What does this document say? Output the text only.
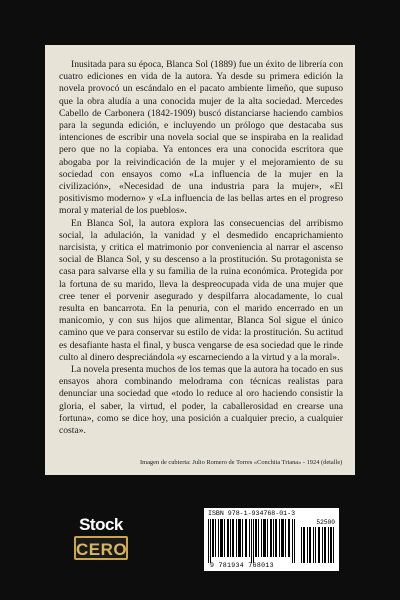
Inusitada para su época, Blanca Sol (1889) fue un éxito de librería con cuatro ediciones en vida de la autora. Ya desde su primera edición la novela provocó un escándalo en el pacato ambiente limeño, que supuso que la obra aludía a una conocida mujer de la alta sociedad. Mercedes Cabello de Carbonera (1842-1909) buscó distanciarse haciendo cambios para la segunda edición, e incluyendo un prólogo que destacaba sus intenciones de escribir una novela social que se inspiraba en la realidad pero que no la copiaba. Ya entonces era una conocida escritora que abogaba por la reivindicación de la mujer y el mejoramiento de su sociedad con ensayos como «La influencia de la mujer en la civilización», «Necesidad de una industria para la mujer», «El positivismo moderno» y «La influencia de las bellas artes en el progreso moral y material de los pueblos».

En Blanca Sol, la autora explora las consecuencias del arribismo social, la adulación, la vanidad y el desmedido encaprichamiento narcisista, y critica el matrimonio por conveniencia al narrar el ascenso social de Blanca Sol, y su descenso a la prostitución. Su protagonista se casa para salvarse ella y su familia de la ruina económica. Protegida por la fortuna de su marido, lleva la despreocupada vida de una mujer que cree tener el porvenir asegurado y despilfarra alocadamente, lo cual resulta en bancarrota. En la penuria, con el marido encerrado en un manicomio, y con sus hijos que alimentar, Blanca Sol sigue el único camino que ve para conservar su estilo de vida: la prostitución. Su actitud es desafiante hasta el final, y busca vengarse de esa sociedad que le rinde culto al dinero despreciándola «y escarneciendo a la virtud y a la moral».

La novela presenta muchos de los temas que la autora ha tocado en sus ensayos ahora combinando melodrama con técnicas realistas para denunciar una sociedad que «todo lo reduce al oro haciendo consistir la gloria, el saber, la virtud, el poder, la caballerosidad en crearse una fortuna», como se dice hoy, una posición a cualquier precio, a cualquier costa».

Imagen de cubierta: Julio Romero de Torres «Conchita Triana» - 1924 (detalle)
Stock
CERO
ISBN 978-1-934768-01-3
52500
9 781934 768013
